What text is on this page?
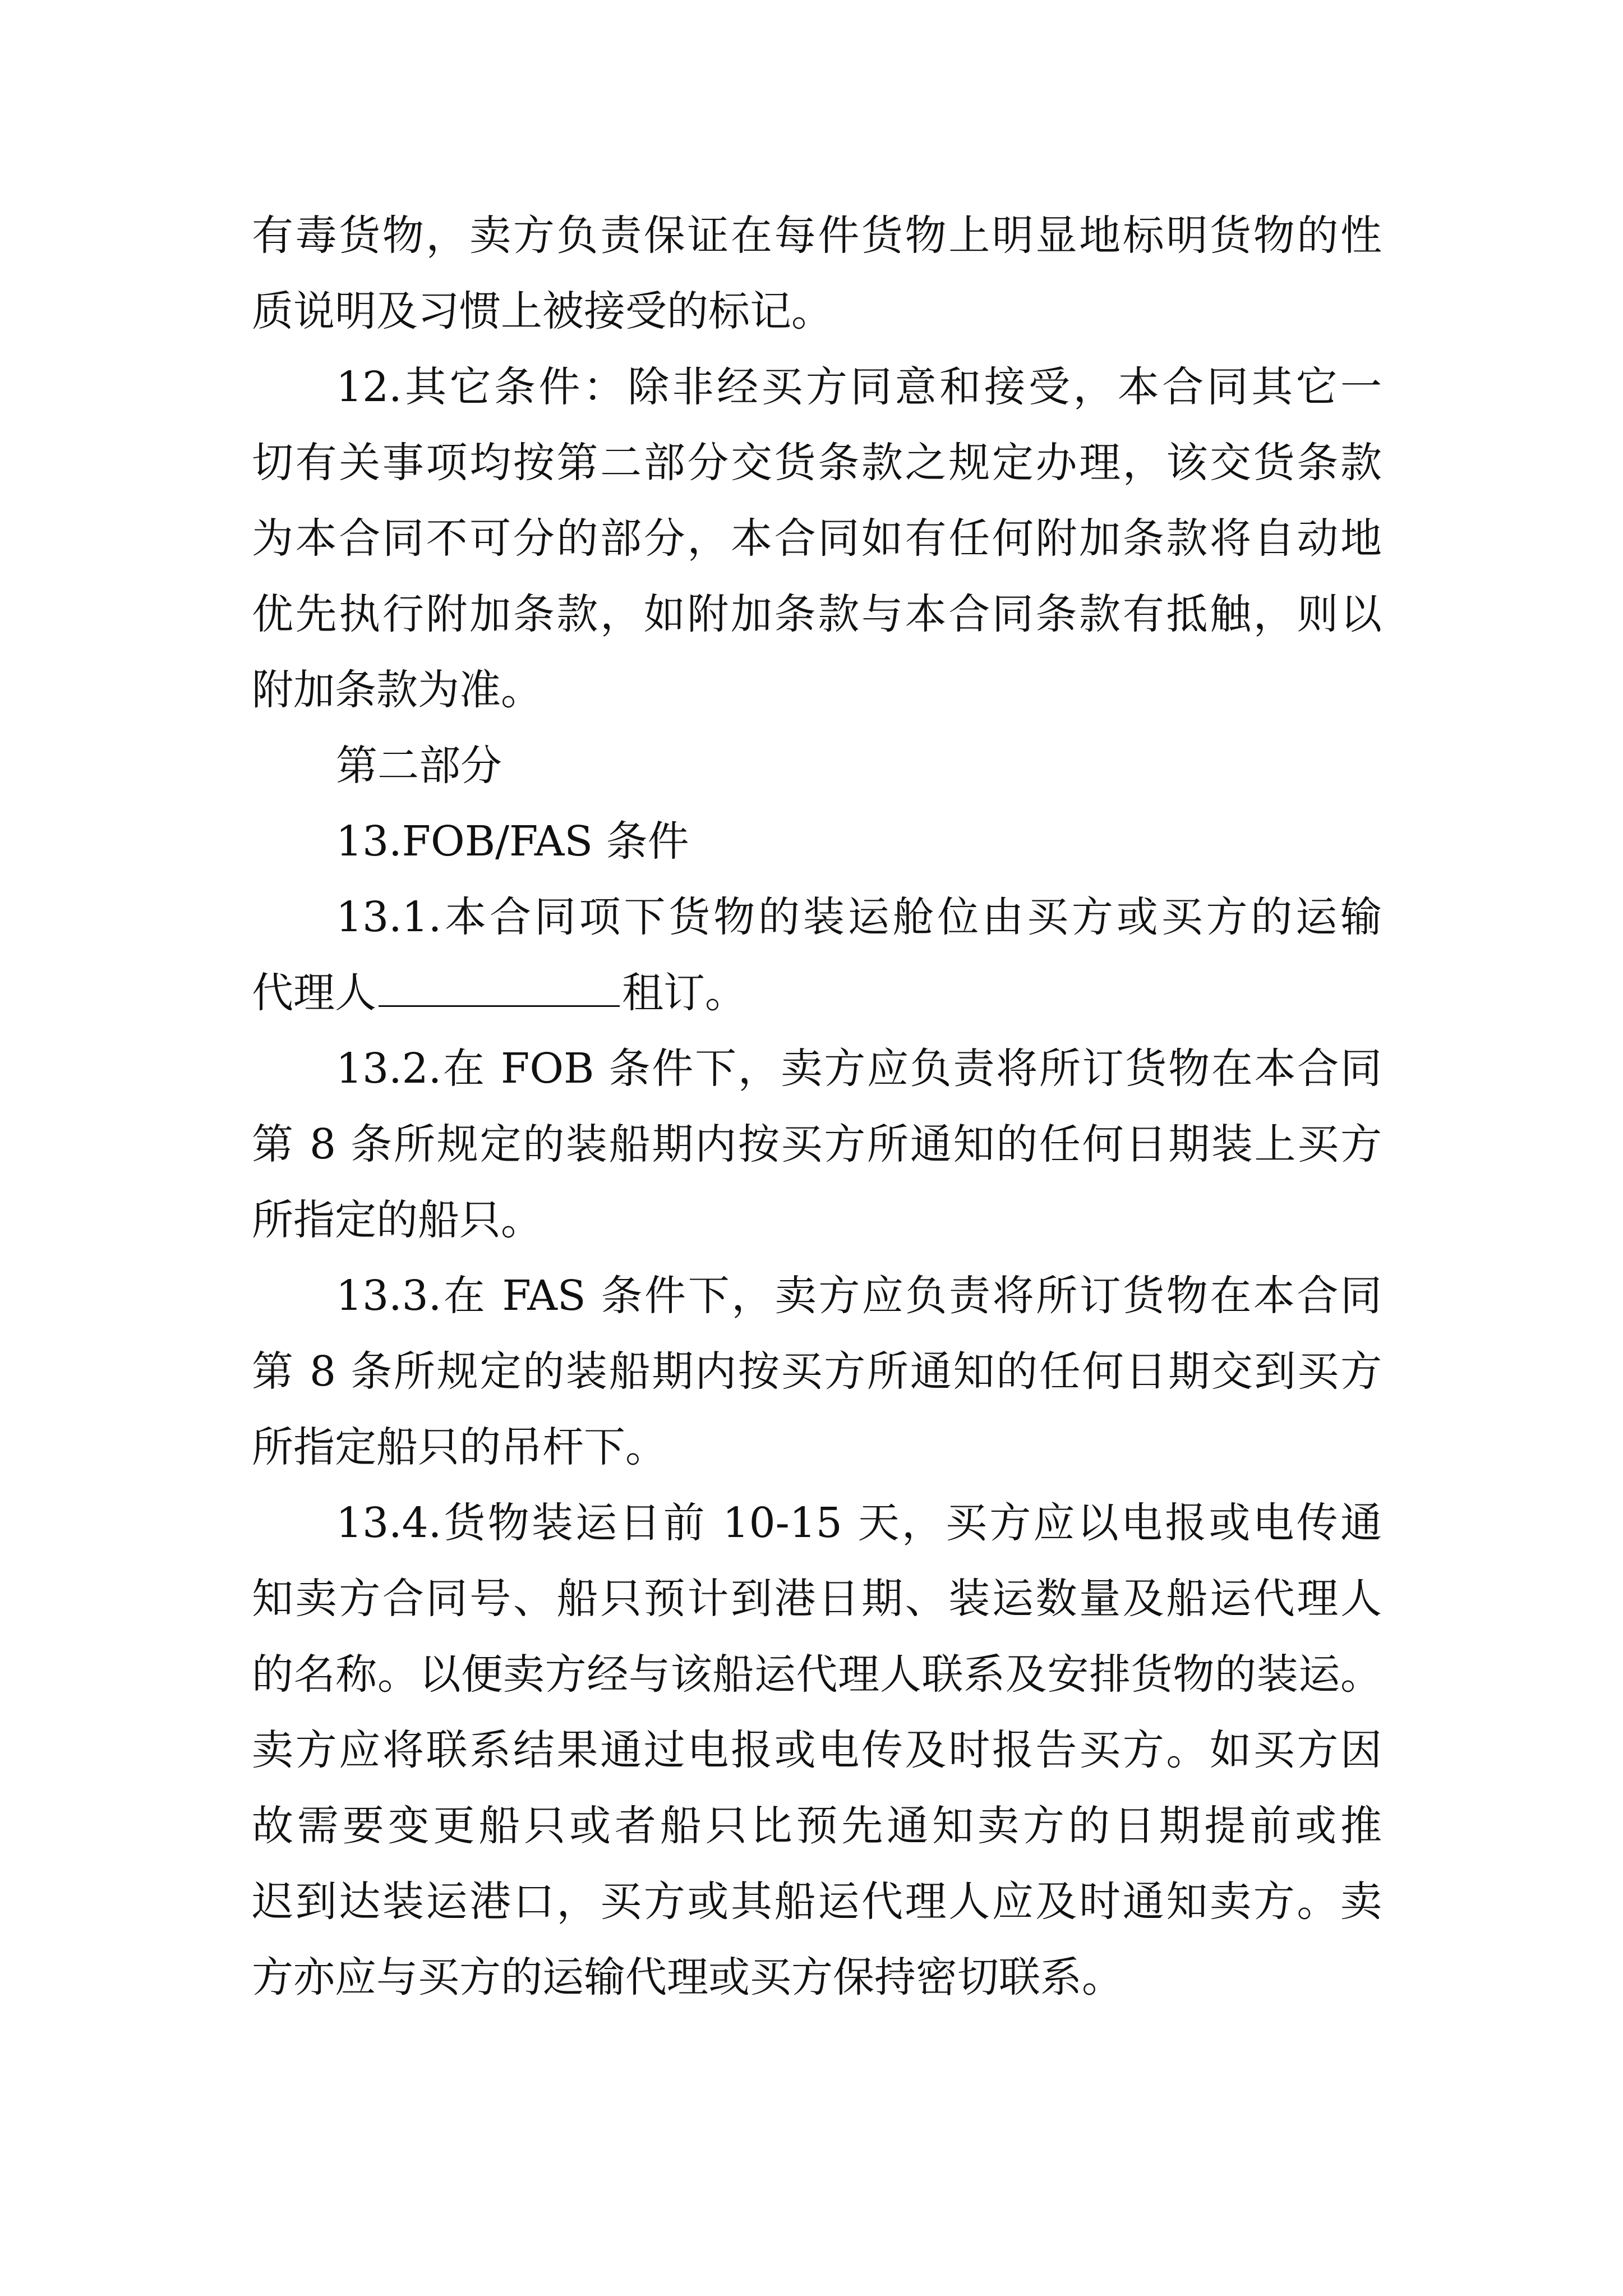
有毒货物，卖方负责保证在每件货物上明显地标明货物的性

质说明及习惯上被接受的标记。

12.其它条件：除非经买方同意和接受，本合同其它一

切有关事项均按第二部分交货条款之规定办理，该交货条款

为本合同不可分的部分，本合同如有任何附加条款将自动地

优先执行附加条款，如附加条款与本合同条款有抵触，则以

附加条款为准。

第二部分

13.FOB/FAS 条件

13.1.本合同项下货物的装运舱位由买方或买方的运输

代理人	租订。

13.2.在 FOB 条件下，卖方应负责将所订货物在本合同

第 8 条所规定的装船期内按买方所通知的任何日期装上买方

所指定的船只。

13.3.在 FAS 条件下，卖方应负责将所订货物在本合同

第 8 条所规定的装船期内按买方所通知的任何日期交到买方

所指定船只的吊杆下。

13.4.货物装运日前 10-15 天，买方应以电报或电传通

知卖方合同号、船只预计到港日期、装运数量及船运代理人

的名称。以便卖方经与该船运代理人联系及安排货物的装运。

卖方应将联系结果通过电报或电传及时报告买方。如买方因

故需要变更船只或者船只比预先通知卖方的日期提前或推

迟到达装运港口，买方或其船运代理人应及时通知卖方。卖

方亦应与买方的运输代理或买方保持密切联系。
